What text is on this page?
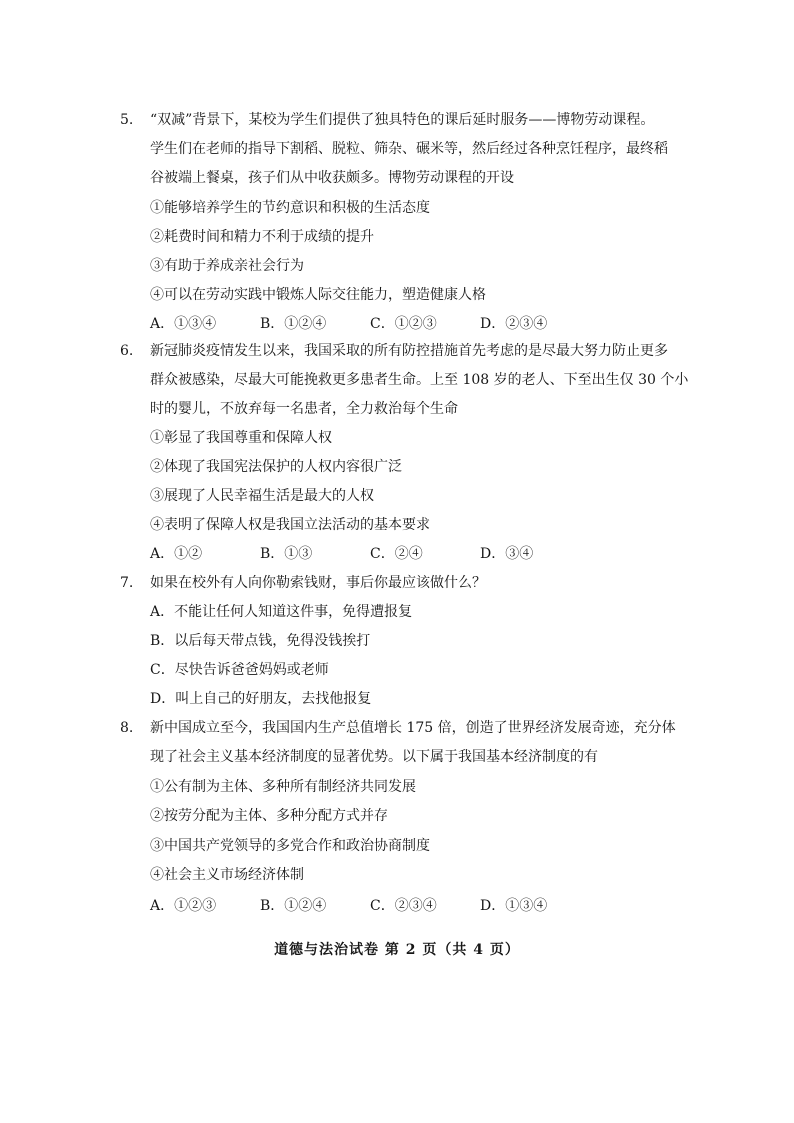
5. “双减”背景下，某校为学生们提供了独具特色的课后延时服务——博物劳动课程。
学生们在老师的指导下割稻、脱粒、筛杂、碾米等，然后经过各种烹饪程序，最终稻
谷被端上餐桌，孩子们从中收获颇多。博物劳动课程的开设
①能够培养学生的节约意识和积极的生活态度
②耗费时间和精力不利于成绩的提升
③有助于养成亲社会行为
④可以在劳动实践中锻炼人际交往能力，塑造健康人格
A．①③④	B．①②④	C．①②③	D．②③④
6. 新冠肺炎疫情发生以来，我国采取的所有防控措施首先考虑的是尽最大努力防止更多
群众被感染，尽最大可能挽救更多患者生命。上至 108 岁的老人、下至出生仅 30 个小
时的婴儿，不放弃每一名患者，全力救治每个生命
①彰显了我国尊重和保障人权
②体现了我国宪法保护的人权内容很广泛
③展现了人民幸福生活是最大的人权
④表明了保障人权是我国立法活动的基本要求
A．①②	B．①③	C．②④	D．③④
7. 如果在校外有人向你勒索钱财，事后你最应该做什么？
A．不能让任何人知道这件事，免得遭报复
B．以后每天带点钱，免得没钱挨打
C．尽快告诉爸爸妈妈或老师
D．叫上自己的好朋友，去找他报复
8. 新中国成立至今，我国国内生产总值增长 175 倍，创造了世界经济发展奇迹，充分体
现了社会主义基本经济制度的显著优势。以下属于我国基本经济制度的有
①公有制为主体、多种所有制经济共同发展
②按劳分配为主体、多种分配方式并存
③中国共产党领导的多党合作和政治协商制度
④社会主义市场经济体制
A．①②③	B．①②④	C．②③④	D．①③④
道德与法治试卷 第 2 页（共 4 页）
